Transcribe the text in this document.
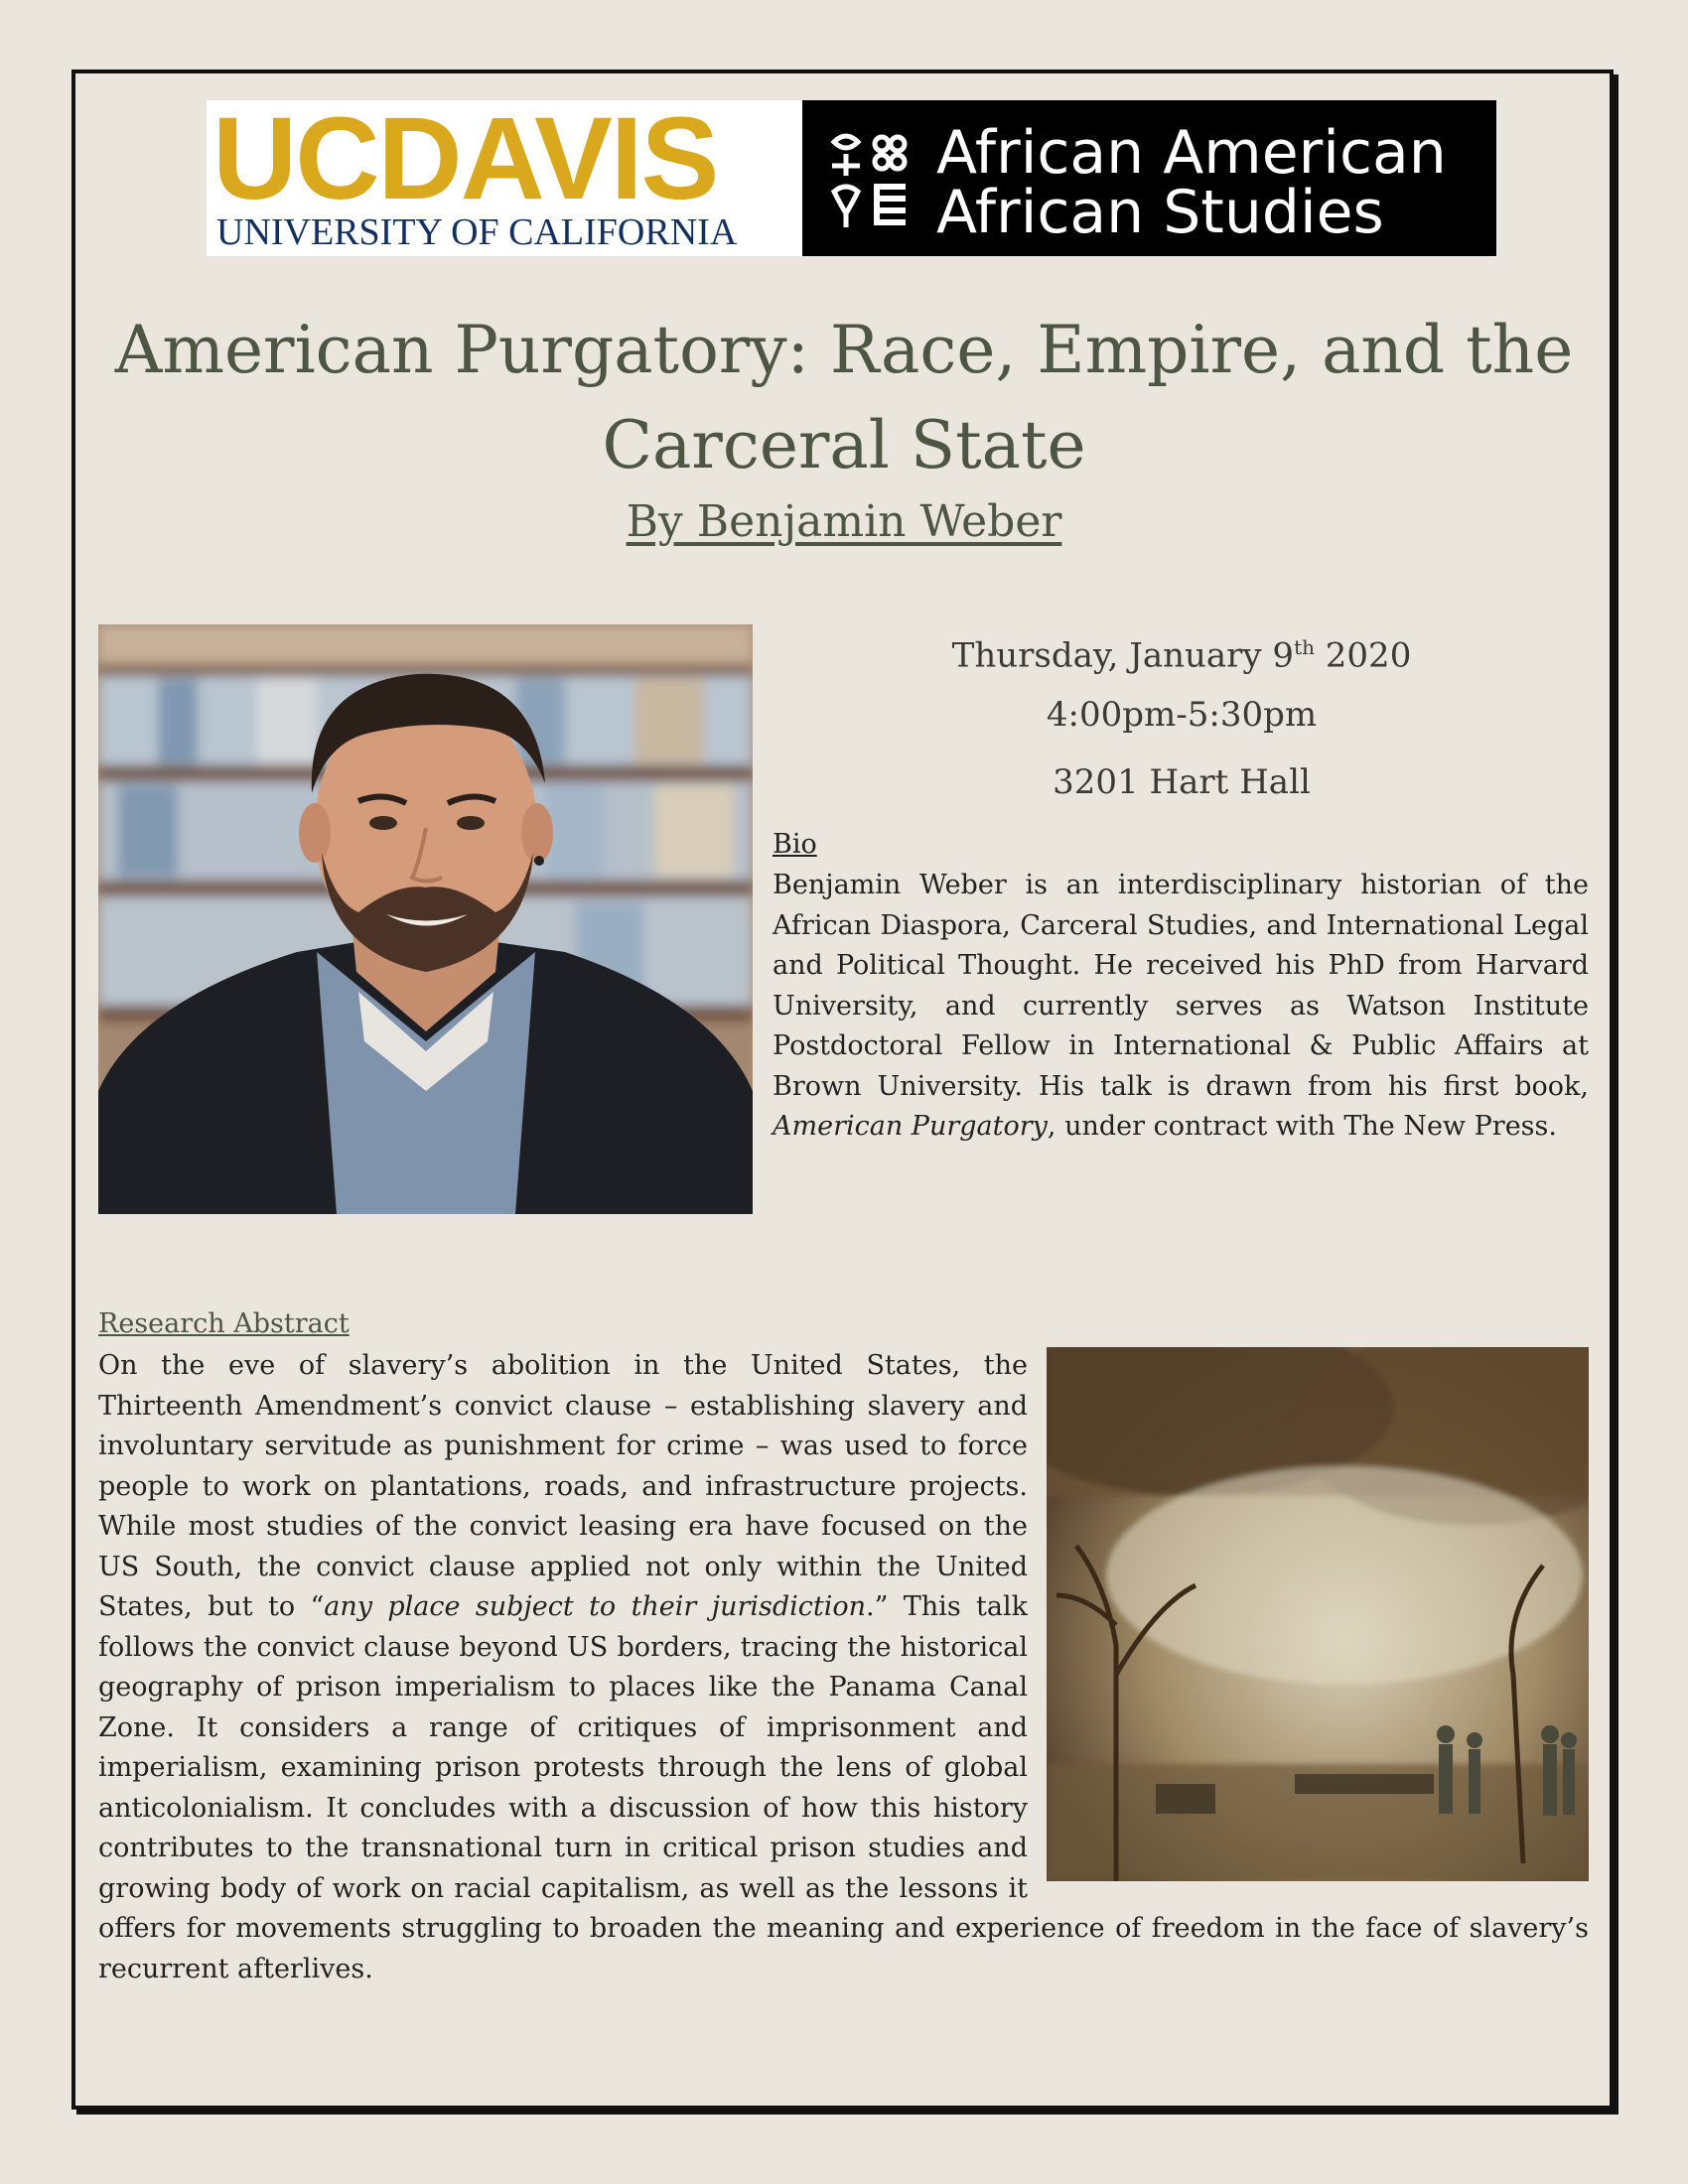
UCDAVIS
UNIVERSITY OF CALIFORNIA
African American
African Studies
American Purgatory: Race, Empire, and the Carceral State
By Benjamin Weber
Thursday, January 9th 2020
4:00pm-5:30pm
3201 Hart Hall
Bio
Benjamin Weber is an interdisciplinary historian of the African Diaspora, Carceral Studies, and International Legal and Political Thought. He received his PhD from Harvard University, and currently serves as Watson Institute Postdoctoral Fellow in International & Public Affairs at Brown University. His talk is drawn from his first book, American Purgatory, under contract with The New Press.
Research Abstract
On the eve of slavery’s abolition in the United States, the Thirteenth Amendment’s convict clause – establishing slavery and involuntary servitude as punishment for crime – was used to force people to work on plantations, roads, and infrastructure projects. While most studies of the convict leasing era have focused on the US South, the convict clause applied not only within the United States, but to “any place subject to their jurisdiction.” This talk follows the convict clause beyond US borders, tracing the historical geography of prison imperialism to places like the Panama Canal Zone. It considers a range of critiques of imprisonment and imperialism, examining prison protests through the lens of global anticolonialism. It concludes with a discussion of how this history contributes to the transnational turn in critical prison studies and growing body of work on racial capitalism, as well as the lessons it offers for movements struggling to broaden the meaning and experience of freedom in the face of slavery’s recurrent afterlives.
